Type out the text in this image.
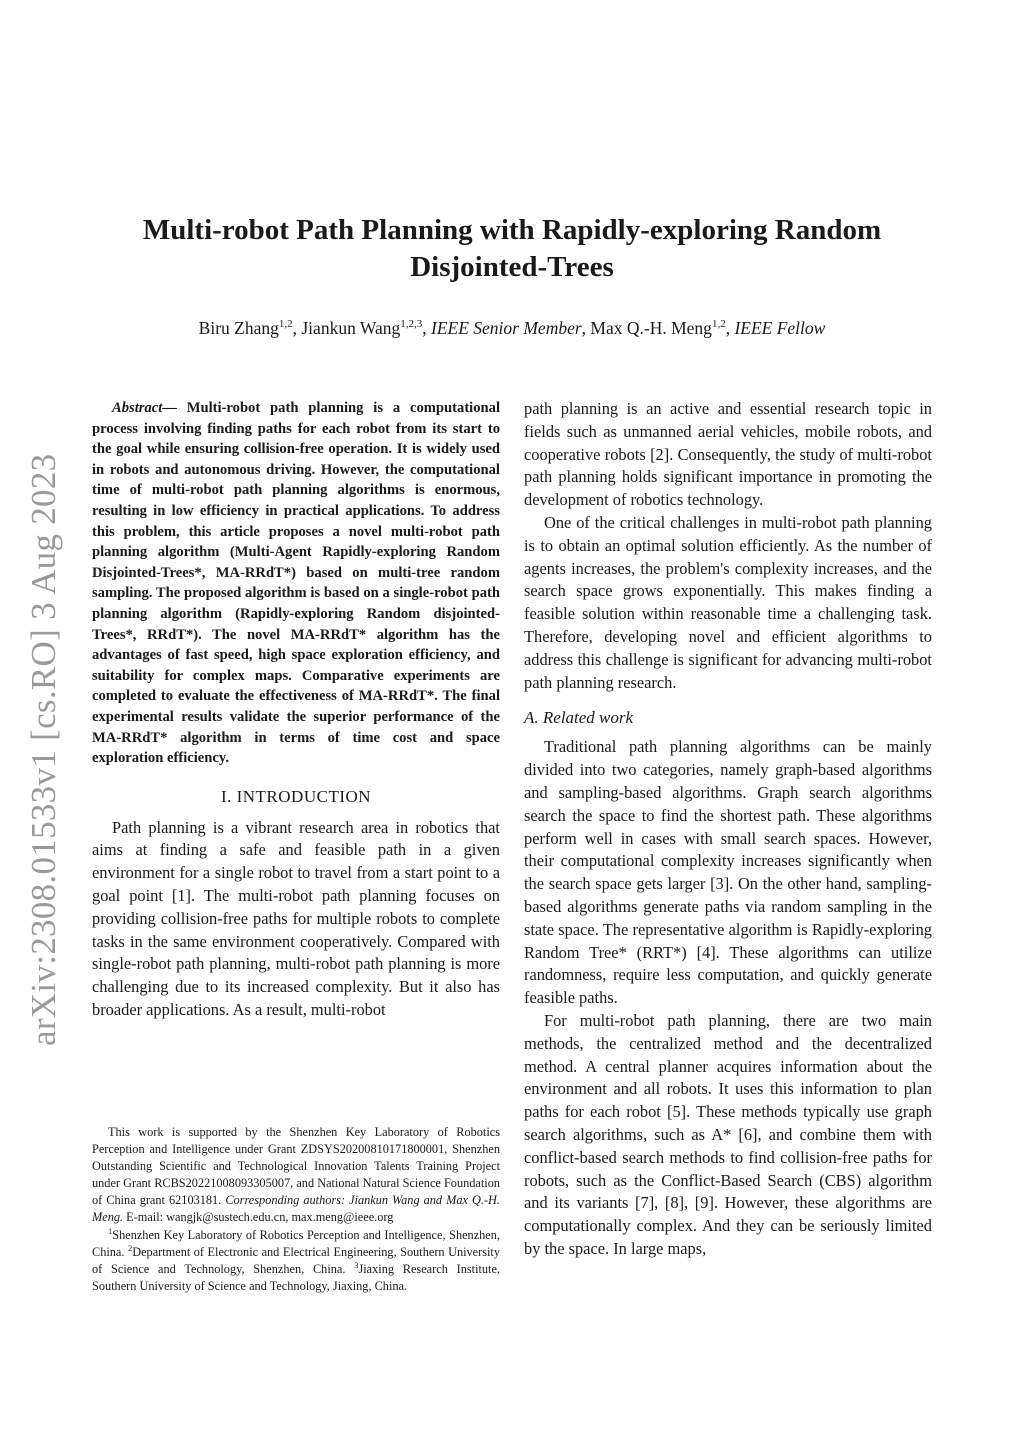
arXiv:2308.01533v1 [cs.RO] 3 Aug 2023
Multi-robot Path Planning with Rapidly-exploring Random
Disjointed-Trees
Biru Zhang$^{1,2}$, Jiankun Wang$^{1,2,3}$, IEEE Senior Member, Max Q.-H. Meng$^{1,2}$, IEEE Fellow

Abstract— Multi-robot path planning is a computational process involving finding paths for each robot from its start to the goal while ensuring collision-free operation. It is widely used in robots and autonomous driving. However, the computational time of multi-robot path planning algorithms is enormous, resulting in low efficiency in practical applications. To address this problem, this article proposes a novel multi-robot path planning algorithm (Multi-Agent Rapidly-exploring Random Disjointed-Trees*, MA-RRdT*) based on multi-tree random sampling. The proposed algorithm is based on a single-robot path planning algorithm (Rapidly-exploring Random disjointed-Trees*, RRdT*). The novel MA-RRdT* algorithm has the advantages of fast speed, high space exploration efficiency, and suitability for complex maps. Comparative experiments are completed to evaluate the effectiveness of MA-RRdT*. The final experimental results validate the superior performance of the MA-RRdT* algorithm in terms of time cost and space exploration efficiency.

I. INTRODUCTION

Path planning is a vibrant research area in robotics that aims at finding a safe and feasible path in a given environment for a single robot to travel from a start point to a goal point [1]. The multi-robot path planning focuses on providing collision-free paths for multiple robots to complete tasks in the same environment cooperatively. Compared with single-robot path planning, multi-robot path planning is more challenging due to its increased complexity. But it also has broader applications. As a result, multi-robot

This work is supported by the Shenzhen Key Laboratory of Robotics Perception and Intelligence under Grant ZDSYS20200810171800001, Shenzhen Outstanding Scientific and Technological Innovation Talents Training Project under Grant RCBS20221008093305007, and National Natural Science Foundation of China grant 62103181. Corresponding authors: Jiankun Wang and Max Q.-H. Meng. E-mail: wangjk@sustech.edu.cn, max.meng@ieee.org

$^1$Shenzhen Key Laboratory of Robotics Perception and Intelligence, Shenzhen, China. $^2$Department of Electronic and Electrical Engineering, Southern University of Science and Technology, Shenzhen, China. $^3$Jiaxing Research Institute, Southern University of Science and Technology, Jiaxing, China.

path planning is an active and essential research topic in fields such as unmanned aerial vehicles, mobile robots, and cooperative robots [2]. Consequently, the study of multi-robot path planning holds significant importance in promoting the development of robotics technology.

One of the critical challenges in multi-robot path planning is to obtain an optimal solution efficiently. As the number of agents increases, the problem's complexity increases, and the search space grows exponentially. This makes finding a feasible solution within reasonable time a challenging task. Therefore, developing novel and efficient algorithms to address this challenge is significant for advancing multi-robot path planning research.

A. Related work

Traditional path planning algorithms can be mainly divided into two categories, namely graph-based algorithms and sampling-based algorithms. Graph search algorithms search the space to find the shortest path. These algorithms perform well in cases with small search spaces. However, their computational complexity increases significantly when the search space gets larger [3]. On the other hand, sampling-based algorithms generate paths via random sampling in the state space. The representative algorithm is Rapidly-exploring Random Tree* (RRT*) [4]. These algorithms can utilize randomness, require less computation, and quickly generate feasible paths.

For multi-robot path planning, there are two main methods, the centralized method and the decentralized method. A central planner acquires information about the environment and all robots. It uses this information to plan paths for each robot [5]. These methods typically use graph search algorithms, such as A* [6], and combine them with conflict-based search methods to find collision-free paths for robots, such as the Conflict-Based Search (CBS) algorithm and its variants [7], [8], [9]. However, these algorithms are computationally complex. And they can be seriously limited by the space. In large maps,
